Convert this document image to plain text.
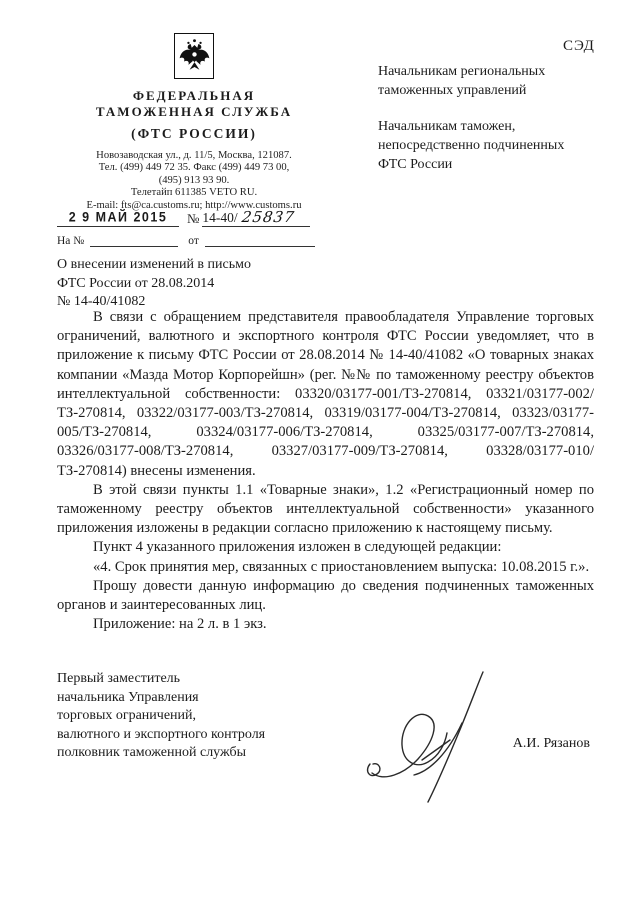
СЭД
ФЕДЕРАЛЬНАЯ
ТАМОЖЕННАЯ СЛУЖБА
(ФТС РОССИИ)
Новозаводская ул., д. 11/5, Москва, 121087.
Тел. (499) 449 72 35. Факс (499) 449 73 00,
(495) 913 93 90.
Телетайп 611385 VETO RU.
E-mail: fts@ca.customs.ru; http://www.customs.ru
Начальникам региональных
таможенных управлений
Начальникам таможен,
непосредственно подчиненных
ФТС России
2 9 МАЙ 2015	№ 14-40/ 25837
На №	от
О внесении изменений в письмо
ФТС России от 28.08.2014
№ 14-40/41082

В связи с обращением представителя правообладателя Управление торговых ограничений, валютного и экспортного контроля ФТС России уведомляет, что в приложение к письму ФТС России от 28.08.2014 № 14-40/41082 «О товарных знаках компании «Мазда Мотор Корпорейшн» (рег. №№ по таможенному реестру объектов интеллектуальной собственности: 03320/03177-001/ТЗ-270814, 03321/03177-002/ТЗ-270814, 03322/03177-003/ТЗ-270814, 03319/03177-004/ТЗ-270814, 03323/03177-005/ТЗ-270814, 03324/03177-006/ТЗ-270814, 03325/03177-007/ТЗ-270814, 03326/03177-008/ТЗ-270814, 03327/03177-009/ТЗ-270814, 03328/03177-010/ТЗ-270814) внесены изменения.

В этой связи пункты 1.1 «Товарные знаки», 1.2 «Регистрационный номер по таможенному реестру объектов интеллектуальной собственности» указанного приложения изложены в редакции согласно приложению к настоящему письму.

Пункт 4 указанного приложения изложен в следующей редакции:

«4. Срок принятия мер, связанных с приостановлением выпуска: 10.08.2015 г.».

Прошу довести данную информацию до сведения подчиненных таможенных органов и заинтересованных лиц.

Приложение: на 2 л. в 1 экз.

Первый заместитель
начальника Управления
торговых ограничений,
валютного и экспортного контроля
полковник таможенной службы
А.И. Рязанов
